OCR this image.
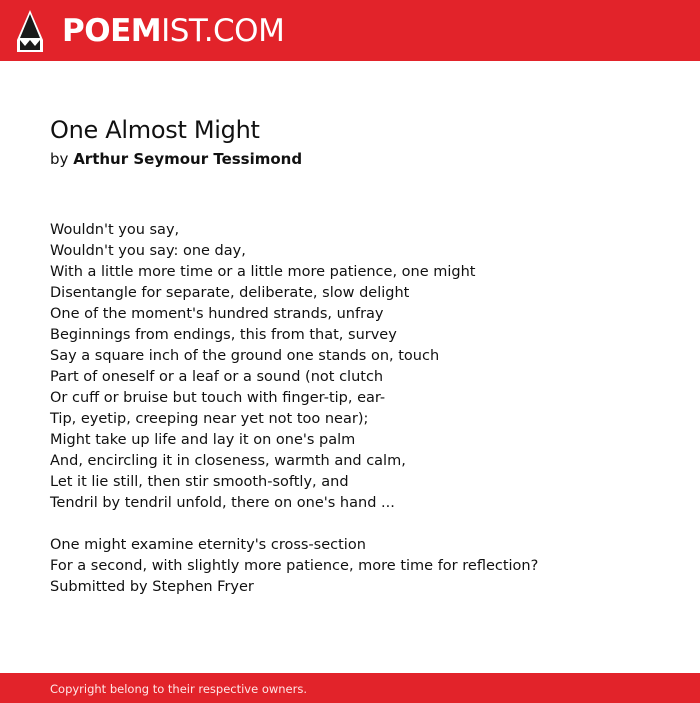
POEMIST.COM
One Almost Might
by Arthur Seymour Tessimond
Wouldn't you say,
Wouldn't you say: one day,
With a little more time or a little more patience, one might
Disentangle for separate, deliberate, slow delight
One of the moment's hundred strands, unfray
Beginnings from endings, this from that, survey
Say a square inch of the ground one stands on, touch
Part of oneself or a leaf or a sound (not clutch
Or cuff or bruise but touch with finger-tip, ear-
Tip, eyetip, creeping near yet not too near);
Might take up life and lay it on one's palm
And, encircling it in closeness, warmth and calm,
Let it lie still, then stir smooth-softly, and
Tendril by tendril unfold, there on one's hand ...
One might examine eternity's cross-section
For a second, with slightly more patience, more time for reflection?
Submitted by Stephen Fryer
Copyright belong to their respective owners.
